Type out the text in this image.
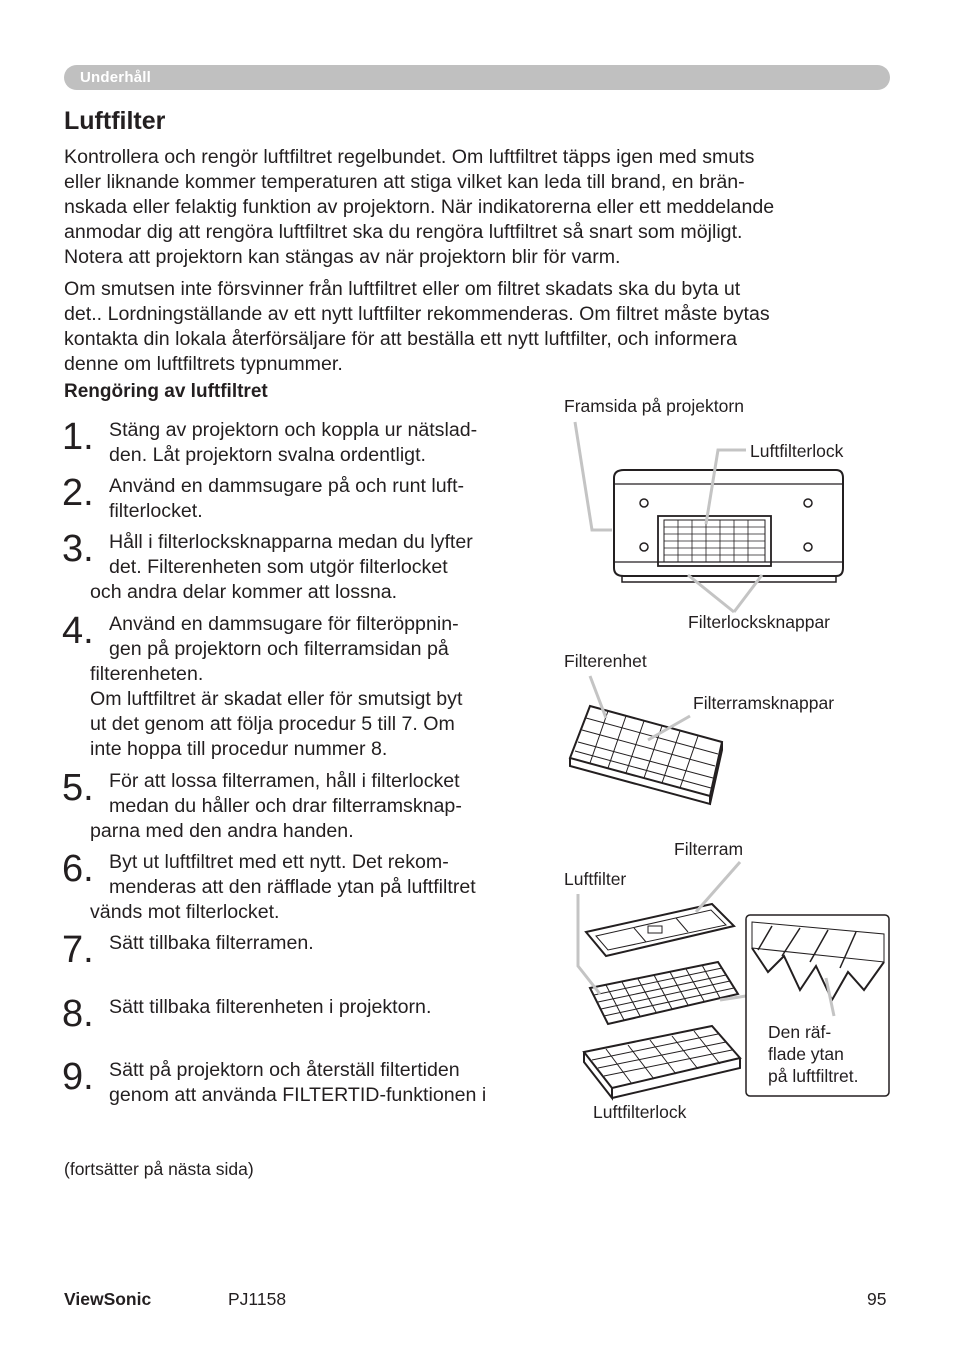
Underhåll
Luftfilter
Kontrollera och rengör luftfiltret regelbundet. Om luftfiltret täpps igen med smuts
eller liknande kommer temperaturen att stiga vilket kan leda till brand, en brän-
nskada eller felaktig funktion av projektorn. När indikatorerna eller ett meddelande
anmodar dig att rengöra luftfiltret ska du rengöra luftfiltret så snart som möjligt.
Notera att projektorn kan stängas av när projektorn blir för varm.
Om smutsen inte försvinner från luftfiltret eller om filtret skadats ska du byta ut
det.. Lordningställande av ett nytt luftfilter rekommenderas. Om filtret måste bytas
kontakta din lokala återförsäljare för att beställa ett nytt luftfilter, och informera
denne om luftfiltrets typnummer.
Rengöring av luftfiltret
1. Stäng av projektorn och koppla ur nätslad-
den. Låt projektorn svalna ordentligt.
2. Använd en dammsugare på och runt luft-
filterlocket.
3. Håll i filterlocksknapparna medan du lyfter
det. Filterenheten som utgör filterlocket
och andra delar kommer att lossna.
4. Använd en dammsugare för filteröppnin-
gen på projektorn och filterramsidan på
filterenheten.
Om luftfiltret är skadat eller för smutsigt byt
ut det genom att följa procedur 5 till 7. Om
inte hoppa till procedur nummer 8.
5. För att lossa filterramen, håll i filterlocket
medan du håller och drar filterramsknap-
parna med den andra handen.
6. Byt ut luftfiltret med ett nytt. Det rekom-
menderas att den räfflade ytan på luftfiltret
vänds mot filterlocket.
7. Sätt tillbaka filterramen.
8. Sätt tillbaka filterenheten i projektorn.
9. Sätt på projektorn och återställ filtertiden
genom att använda FILTERTID-funktionen i
Framsida på projektorn
Luftfilterlock
Filterlocksknappar
Filterenhet
Filterramsknappar
Filterram
Luftfilter
Den räf-
flade ytan
på luftfiltret.
Luftfilterlock
(fortsätter på nästa sida)
ViewSonic	PJ1158	95
